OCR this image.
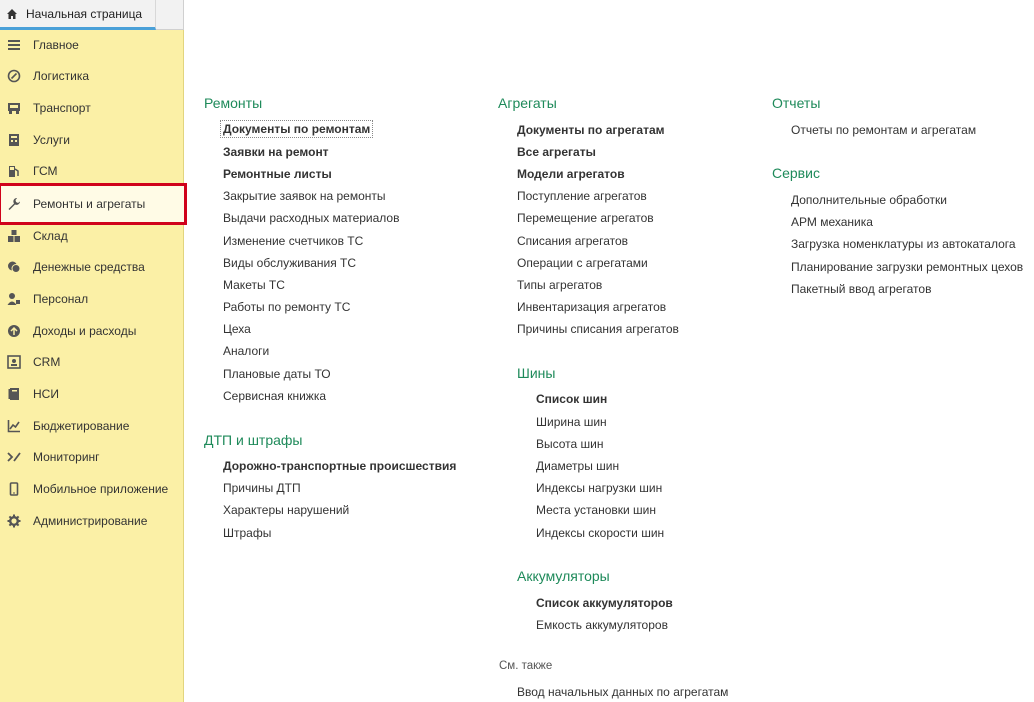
Начальная страница
Главное
Логистика
Транспорт
Услуги
ГСМ
Ремонты и агрегаты
Склад
Денежные средства
Персонал
Доходы и расходы
CRM
НСИ
Бюджетирование
Мониторинг
Мобильное приложение
Администрирование
Ремонты
Документы по ремонтам
Заявки на ремонт
Ремонтные листы
Закрытие заявок на ремонты
Выдачи расходных материалов
Изменение счетчиков ТС
Виды обслуживания ТС
Макеты ТС
Работы по ремонту ТС
Цеха
Аналоги
Плановые даты ТО
Сервисная книжка
ДТП и штрафы
Дорожно-транспортные происшествия
Причины ДТП
Характеры нарушений
Штрафы
Агрегаты
Документы по агрегатам
Все агрегаты
Модели агрегатов
Поступление агрегатов
Перемещение агрегатов
Списания агрегатов
Операции с агрегатами
Типы агрегатов
Инвентаризация агрегатов
Причины списания агрегатов
Шины
Список шин
Ширина шин
Высота шин
Диаметры шин
Индексы нагрузки шин
Места установки шин
Индексы скорости шин
Аккумуляторы
Список аккумуляторов
Емкость аккумуляторов
См. также
Ввод начальных данных по агрегатам
Отчеты
Отчеты по ремонтам и агрегатам
Сервис
Дополнительные обработки
АРМ механика
Загрузка номенклатуры из автокаталога
Планирование загрузки ремонтных цехов
Пакетный ввод агрегатов
